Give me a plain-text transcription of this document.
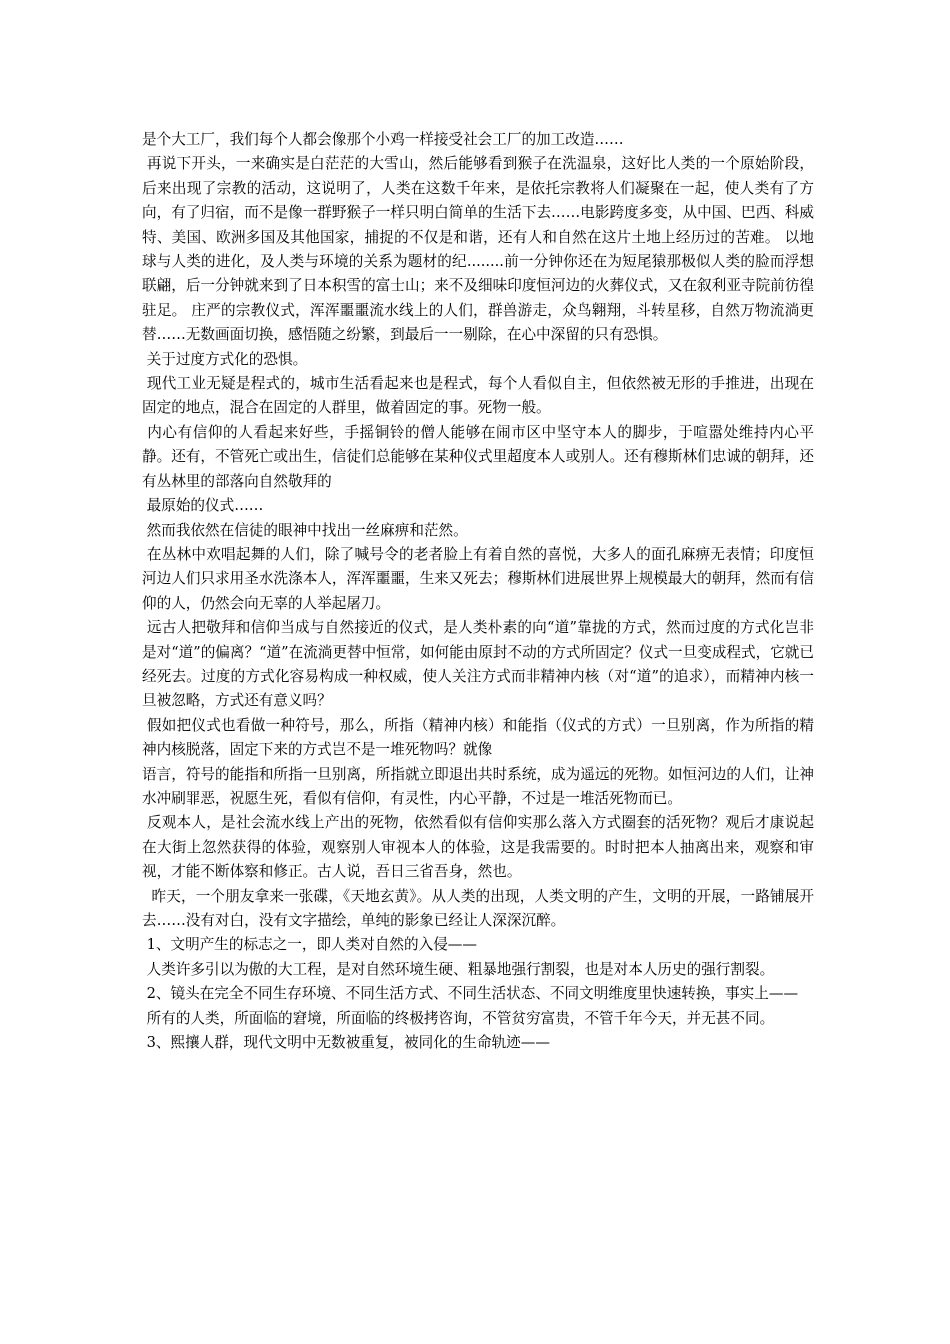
是个大工厂，我们每个人都会像那个小鸡一样接受社会工厂的加工改造……

再说下开头，一来确实是白茫茫的大雪山，然后能够看到猴子在洗温泉，这好比人类的一个原始阶段，后来出现了宗教的活动，这说明了，人类在这数千年来，是依托宗教将人们凝聚在一起，使人类有了方向，有了归宿，而不是像一群野猴子一样只明白简单的生活下去……电影跨度多变，从中国、巴西、科威特、美国、欧洲多国及其他国家，捕捉的不仅是和谐，还有人和自然在这片土地上经历过的苦难。 以地球与人类的进化，及人类与环境的关系为题材的纪........前一分钟你还在为短尾猿那极似人类的脸而浮想联翩，后一分钟就来到了日本积雪的富士山；来不及细味印度恒河边的火葬仪式，又在叙利亚寺院前彷徨驻足。 庄严的宗教仪式，浑浑噩噩流水线上的人们，群兽游走，众鸟翱翔，斗转星移，自然万物流淌更替……无数画面切换，感悟随之纷繁，到最后一一剔除，在心中深留的只有恐惧。

关于过度方式化的恐惧。

现代工业无疑是程式的，城市生活看起来也是程式，每个人看似自主，但依然被无形的手推进，出现在固定的地点，混合在固定的人群里，做着固定的事。死物一般。

内心有信仰的人看起来好些，手摇铜铃的僧人能够在闹市区中坚守本人的脚步，于喧嚣处维持内心平静。还有，不管死亡或出生，信徒们总能够在某种仪式里超度本人或别人。还有穆斯林们忠诚的朝拜，还有丛林里的部落向自然敬拜的

最原始的仪式……

然而我依然在信徒的眼神中找出一丝麻痹和茫然。

在丛林中欢唱起舞的人们，除了喊号令的老者脸上有着自然的喜悦，大多人的面孔麻痹无表情；印度恒河边人们只求用圣水洗涤本人，浑浑噩噩，生来又死去；穆斯林们进展世界上规模最大的朝拜，然而有信仰的人，仍然会向无辜的人举起屠刀。

远古人把敬拜和信仰当成与自然接近的仪式，是人类朴素的向“道”靠拢的方式，然而过度的方式化岂非是对“道”的偏离？“道”在流淌更替中恒常，如何能由原封不动的方式所固定？仪式一旦变成程式，它就已经死去。过度的方式化容易构成一种权威，使人关注方式而非精神内核（对“道”的追求），而精神内核一旦被忽略，方式还有意义吗？

假如把仪式也看做一种符号，那么，所指（精神内核）和能指（仪式的方式）一旦别离，作为所指的精神内核脱落，固定下来的方式岂不是一堆死物吗？就像

语言，符号的能指和所指一旦别离，所指就立即退出共时系统，成为遥远的死物。如恒河边的人们，让神水冲刷罪恶，祝愿生死，看似有信仰，有灵性，内心平静，不过是一堆活死物而已。

反观本人，是社会流水线上产出的死物，依然看似有信仰实那么落入方式圈套的活死物？观后才康说起在大街上忽然获得的体验，观察别人审视本人的体验，这是我需要的。时时把本人抽离出来，观察和审视，才能不断体察和修正。古人说，吾日三省吾身，然也。

昨天，一个朋友拿来一张碟，《天地玄黄》。从人类的出现，人类文明的产生，文明的开展，一路铺展开去……没有对白，没有文字描绘，单纯的影象已经让人深深沉醉。

1、文明产生的标志之一，即人类对自然的入侵——

人类许多引以为傲的大工程，是对自然环境生硬、粗暴地强行割裂，也是对本人历史的强行割裂。

2、镜头在完全不同生存环境、不同生活方式、不同生活状态、不同文明维度里快速转换，事实上——

所有的人类，所面临的窘境，所面临的终极拷咨询，不管贫穷富贵，不管千年今天，并无甚不同。

3、熙攘人群，现代文明中无数被重复，被同化的生命轨迹——
